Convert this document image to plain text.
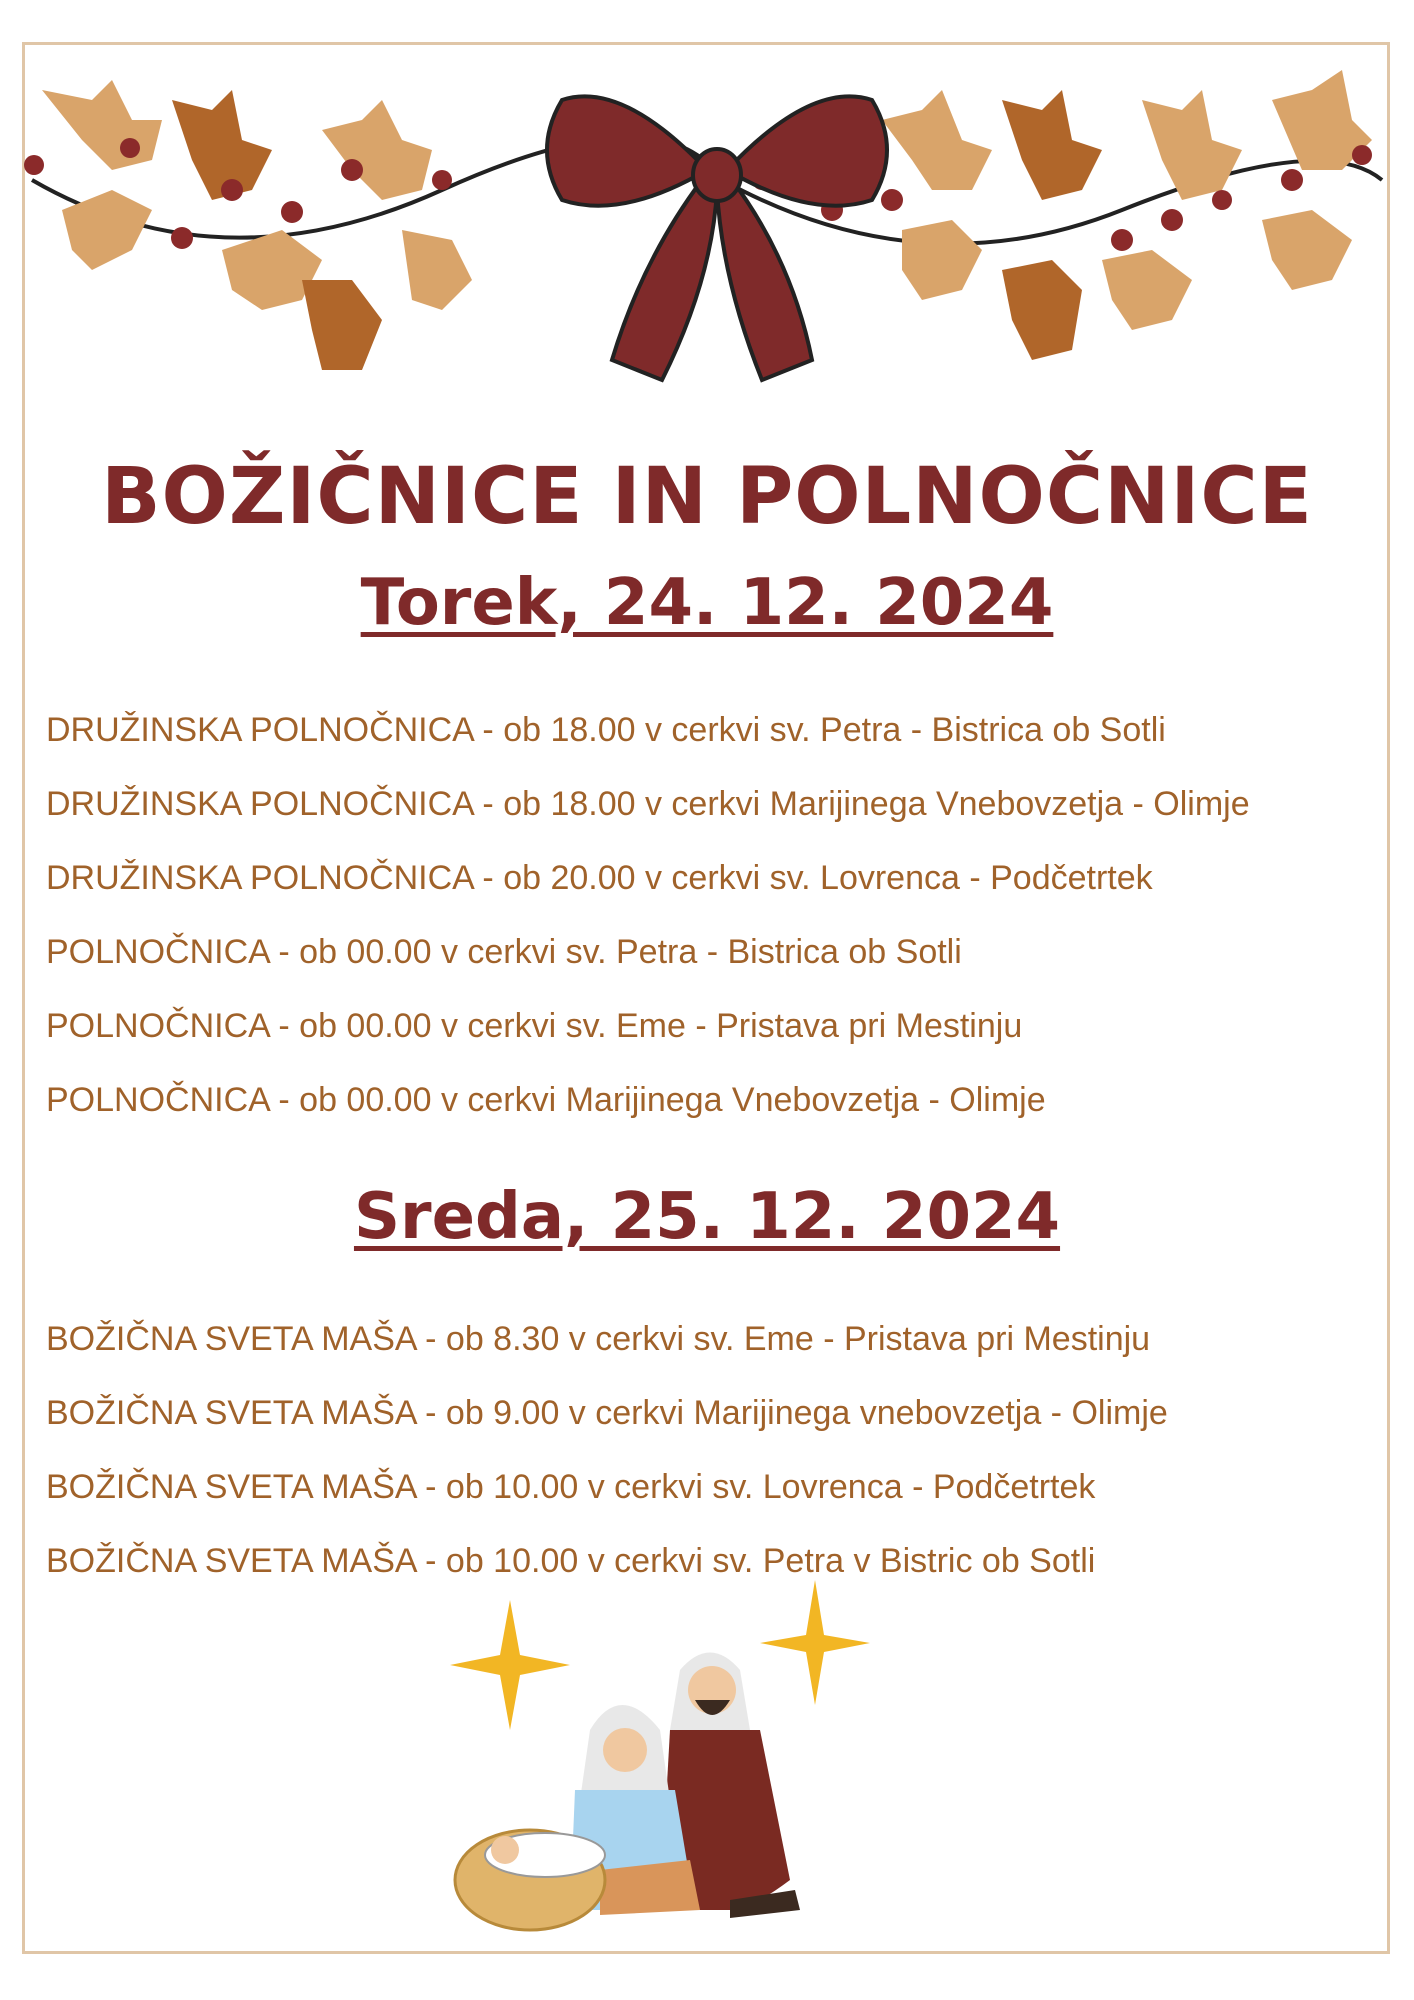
BOŽIČNICE IN POLNOČNICE
Torek, 24. 12. 2024
DRUŽINSKA POLNOČNICA - ob 18.00 v cerkvi sv. Petra - Bistrica ob Sotli
DRUŽINSKA POLNOČNICA - ob 18.00 v cerkvi Marijinega Vnebovzetja - Olimje
DRUŽINSKA POLNOČNICA - ob 20.00 v cerkvi sv. Lovrenca - Podčetrtek
POLNOČNICA - ob 00.00 v cerkvi sv. Petra - Bistrica ob Sotli
POLNOČNICA - ob 00.00 v cerkvi sv. Eme - Pristava pri Mestinju
POLNOČNICA - ob 00.00 v cerkvi Marijinega Vnebovzetja - Olimje
Sreda, 25. 12. 2024
BOŽIČNA SVETA MAŠA - ob 8.30 v cerkvi sv. Eme - Pristava pri Mestinju
BOŽIČNA SVETA MAŠA - ob 9.00 v cerkvi Marijinega vnebovzetja - Olimje
BOŽIČNA SVETA MAŠA - ob 10.00 v cerkvi sv. Lovrenca - Podčetrtek
BOŽIČNA SVETA MAŠA - ob 10.00 v cerkvi sv. Petra v Bistric ob Sotli
